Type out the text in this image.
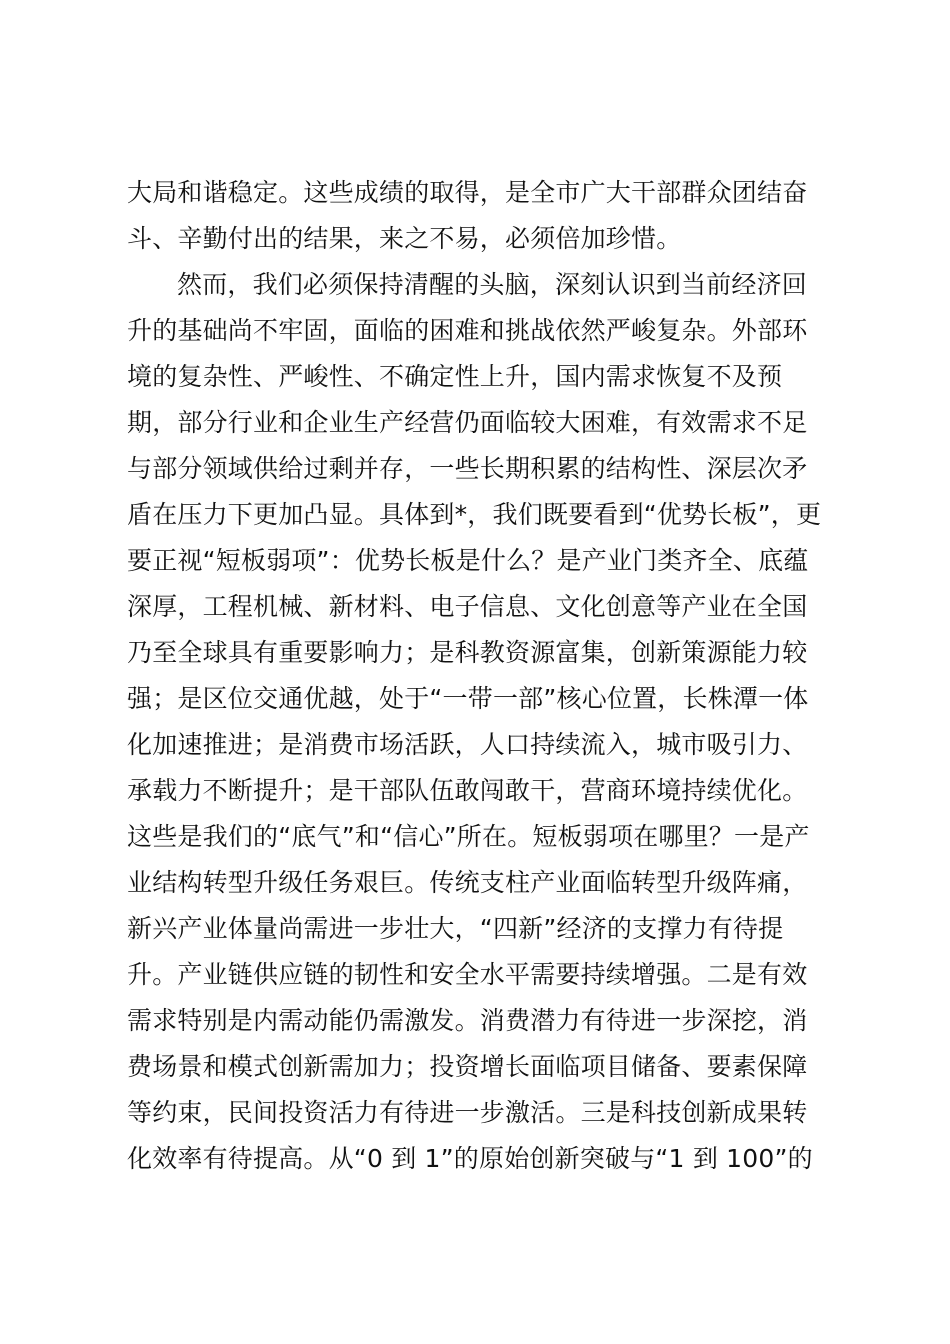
大局和谐稳定。这些成绩的取得，是全市广大干部群众团结奋
斗、辛勤付出的结果，来之不易，必须倍加珍惜。
然而，我们必须保持清醒的头脑，深刻认识到当前经济回
升的基础尚不牢固，面临的困难和挑战依然严峻复杂。外部环
境的复杂性、严峻性、不确定性上升，国内需求恢复不及预
期，部分行业和企业生产经营仍面临较大困难，有效需求不足
与部分领域供给过剩并存，一些长期积累的结构性、深层次矛
盾在压力下更加凸显。具体到*，我们既要看到“优势长板”，更
要正视“短板弱项”：优势长板是什么？是产业门类齐全、底蕴
深厚，工程机械、新材料、电子信息、文化创意等产业在全国
乃至全球具有重要影响力；是科教资源富集，创新策源能力较
强；是区位交通优越，处于“一带一部”核心位置，长株潭一体
化加速推进；是消费市场活跃，人口持续流入，城市吸引力、
承载力不断提升；是干部队伍敢闯敢干，营商环境持续优化。
这些是我们的“底气”和“信心”所在。短板弱项在哪里？一是产
业结构转型升级任务艰巨。传统支柱产业面临转型升级阵痛，
新兴产业体量尚需进一步壮大，“四新”经济的支撑力有待提
升。产业链供应链的韧性和安全水平需要持续增强。二是有效
需求特别是内需动能仍需激发。消费潜力有待进一步深挖，消
费场景和模式创新需加力；投资增长面临项目储备、要素保障
等约束，民间投资活力有待进一步激活。三是科技创新成果转
化效率有待提高。从“0 到 1”的原始创新突破与“1 到 100”的
